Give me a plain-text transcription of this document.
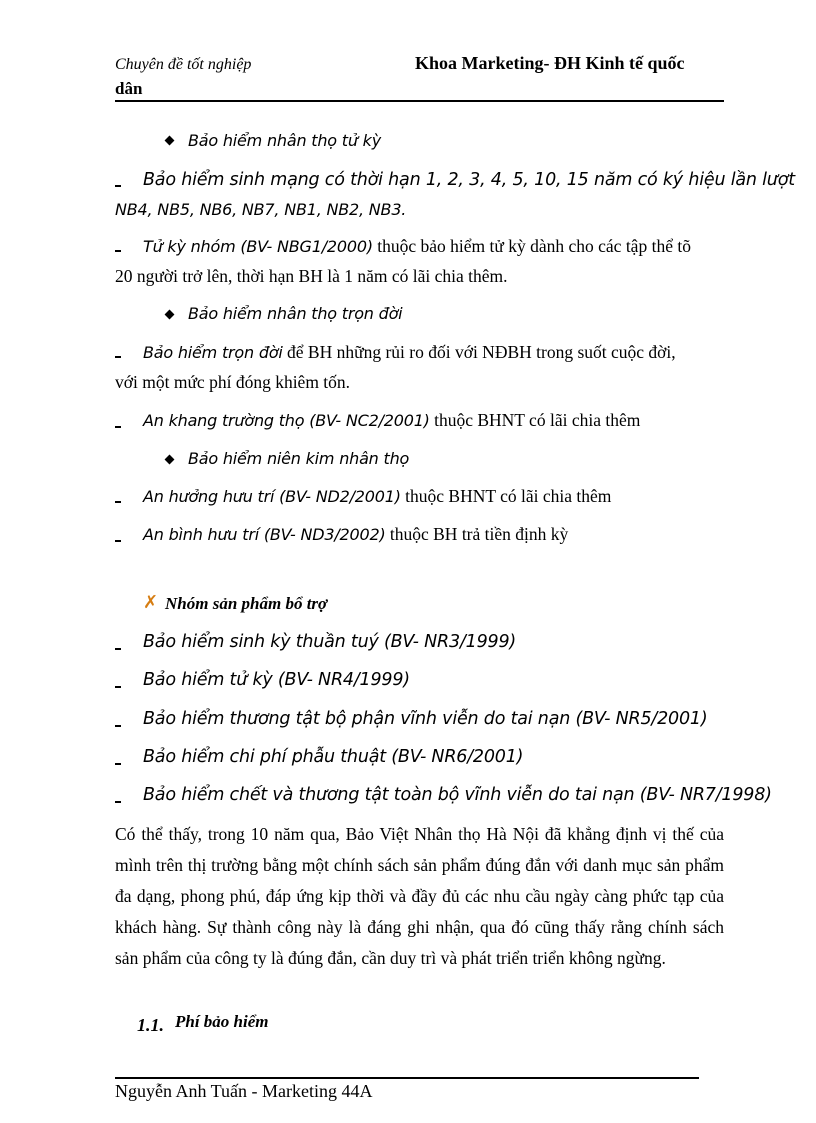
Chuyên đề tốt nghiệp	Khoa Marketing- ĐH Kinh tế quốc
dân
Bảo hiểm nhân thọ tử kỳ
Bảo hiểm sinh mạng có thời hạn 1, 2, 3, 4, 5, 10, 15 năm có ký hiệu lần lượt
NB4, NB5, NB6, NB7, NB1, NB2, NB3.
Tử kỳ nhóm (BV- NBG1/2000) thuộc bảo hiểm tử kỳ dành cho các tập thể tõ
20 người trở lên, thời hạn BH là 1 năm có lãi chia thêm.
Bảo hiểm nhân thọ trọn đời
Bảo hiểm trọn đời để BH những rủi ro đối với NĐBH trong suốt cuộc đời,
với một mức phí đóng khiêm tốn.
An khang trường thọ (BV- NC2/2001) thuộc BHNT có lãi chia thêm
Bảo hiểm niên kim nhân thọ
An hưởng hưu trí (BV- ND2/2001) thuộc BHNT có lãi chia thêm
An bình hưu trí (BV- ND3/2002) thuộc BH trả tiền định kỳ
✗ Nhóm sản phẩm bổ trợ
Bảo hiểm sinh kỳ thuần tuý (BV- NR3/1999)
Bảo hiểm tử kỳ (BV- NR4/1999)
Bảo hiểm thương tật bộ phận vĩnh viễn do tai nạn (BV- NR5/2001)
Bảo hiểm chi phí phẫu thuật (BV- NR6/2001)
Bảo hiểm chết và thương tật toàn bộ vĩnh viễn do tai nạn (BV- NR7/1998)
Có thể thấy, trong 10 năm qua, Bảo Việt Nhân thọ Hà Nội đã khẳng định vị thế của mình trên thị trường bằng một chính sách sản phẩm đúng đắn với danh mục sản phẩm đa dạng, phong phú, đáp ứng kịp thời và đầy đủ các nhu cầu ngày càng phức tạp của khách hàng. Sự thành công này là đáng ghi nhận, qua đó cũng thấy rằng chính sách sản phẩm của công ty là đúng đắn, cần duy trì và phát triển triển không ngừng.
1.1. Phí bảo hiểm
Nguyễn Anh Tuấn - Marketing 44A
